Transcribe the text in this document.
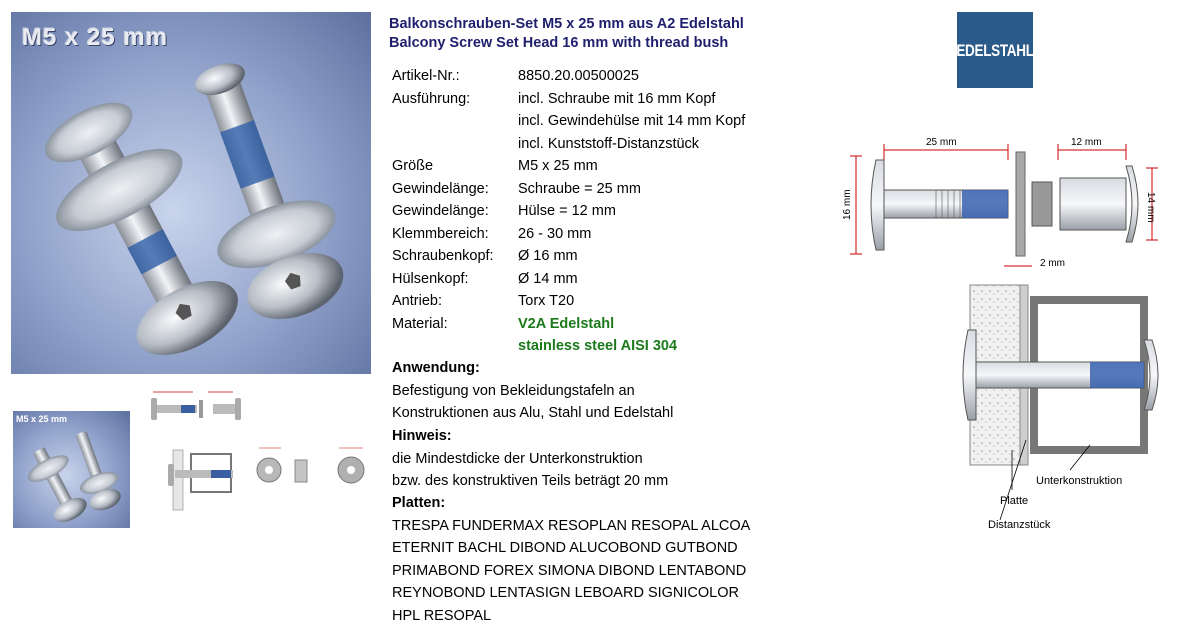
M5 x 25 mm
M5 x 25 mm
Balkonschrauben-Set M5 x 25 mm aus A2 Edelstahl
Balcony Screw Set Head 16 mm with thread bush
Artikel-Nr.:	8850.20.00500025
Ausführung:	incl. Schraube mit 16 mm Kopf
incl. Gewindehülse mit 14 mm Kopf
incl. Kunststoff-Distanzstück
Größe	M5 x 25 mm
Gewindelänge:	Schraube = 25 mm
Gewindelänge:	Hülse = 12 mm
Klemmbereich:	26 - 30 mm
Schraubenkopf:	Ø 16 mm
Hülsenkopf:	Ø 14 mm
Antrieb:	Torx T20
Material:	V2A Edelstahl
stainless steel AISI 304
Anwendung:
Befestigung von Bekleidungstafeln an
Konstruktionen aus Alu, Stahl und Edelstahl
Hinweis:
die Mindestdicke der Unterkonstruktion
bzw. des konstruktiven Teils beträgt 20 mm
Platten:
TRESPA FUNDERMAX RESOPLAN RESOPAL ALCOA
ETERNIT BACHL DIBOND ALUCOBOND GUTBOND
PRIMABOND FOREX SIMONA DIBOND LENTABOND
REYNOBOND LENTASIGN LEBOARD SIGNICOLOR
HPL RESOPAL
EDELSTAHL
25 mm	12 mm
16 mm	14 mm
2 mm
Platte
Unterkonstruktion
Distanzstück
